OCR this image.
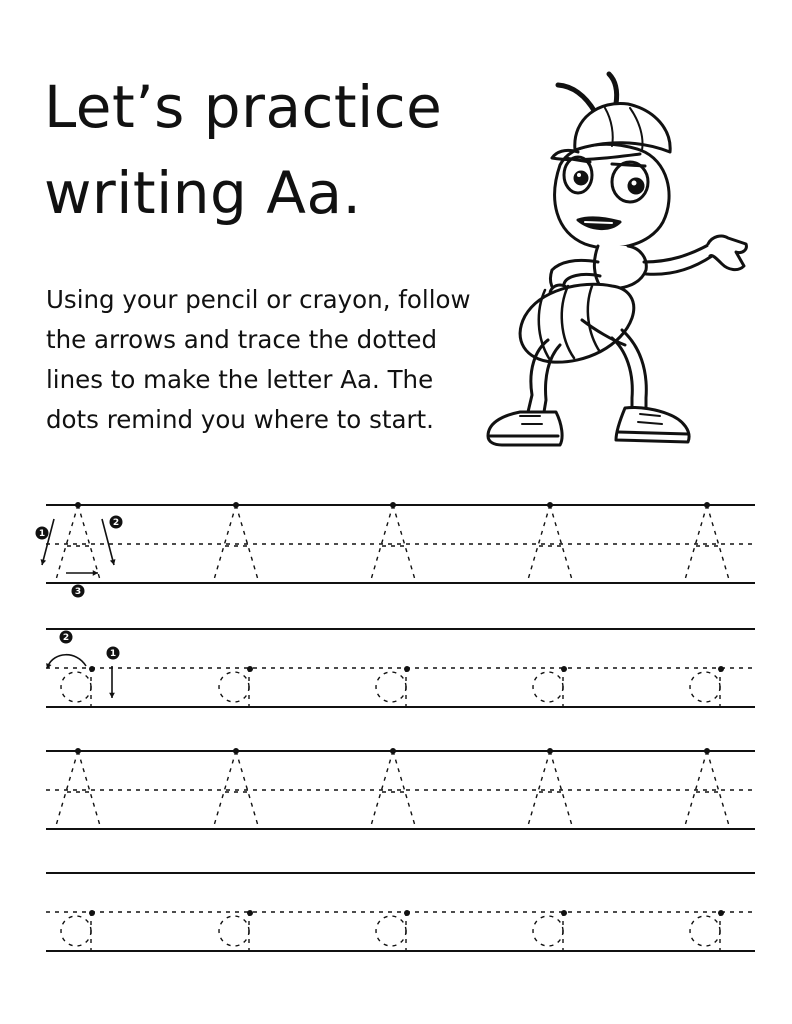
Let’s practice
writing Aa.
Using your pencil or crayon, follow
the arrows and trace the dotted
lines to make the letter Aa. The
dots remind you where to start.
1
2
3
1
2
